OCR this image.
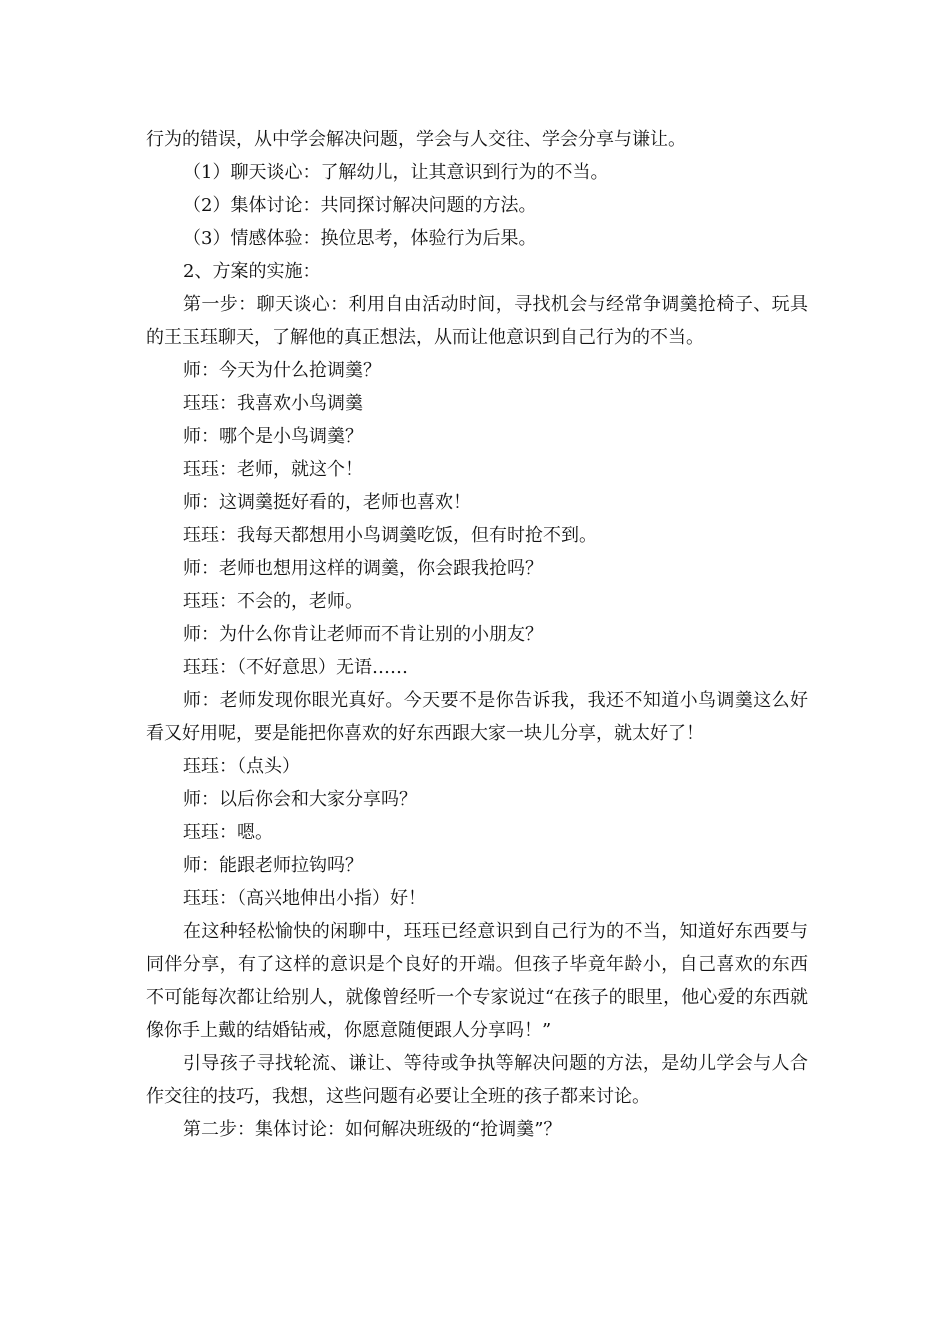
行为的错误，从中学会解决问题，学会与人交往、学会分享与谦让。

（1）聊天谈心：了解幼儿，让其意识到行为的不当。

（2）集体讨论：共同探讨解决问题的方法。

（3）情感体验：换位思考，体验行为后果。

2、方案的实施：

第一步：聊天谈心：利用自由活动时间，寻找机会与经常争调羹抢椅子、玩具的王玉珏聊天，了解他的真正想法，从而让他意识到自己行为的不当。

师：今天为什么抢调羹？

珏珏：我喜欢小鸟调羹

师：哪个是小鸟调羹？

珏珏：老师，就这个！

师：这调羹挺好看的，老师也喜欢！

珏珏：我每天都想用小鸟调羹吃饭，但有时抢不到。

师：老师也想用这样的调羹，你会跟我抢吗？

珏珏：不会的，老师。

师：为什么你肯让老师而不肯让别的小朋友？

珏珏：（不好意思）无语……

师：老师发现你眼光真好。今天要不是你告诉我，我还不知道小鸟调羹这么好看又好用呢，要是能把你喜欢的好东西跟大家一块儿分享，就太好了！

珏珏：（点头）

师：以后你会和大家分享吗？

珏珏：嗯。

师：能跟老师拉钩吗？

珏珏：（高兴地伸出小指）好！

在这种轻松愉快的闲聊中，珏珏已经意识到自己行为的不当，知道好东西要与同伴分享，有了这样的意识是个良好的开端。但孩子毕竟年龄小，自己喜欢的东西不可能每次都让给别人，就像曾经听一个专家说过“在孩子的眼里，他心爱的东西就像你手上戴的结婚钻戒，你愿意随便跟人分享吗！”

引导孩子寻找轮流、谦让、等待或争执等解决问题的方法，是幼儿学会与人合作交往的技巧，我想，这些问题有必要让全班的孩子都来讨论。

第二步：集体讨论：如何解决班级的“抢调羹”？
